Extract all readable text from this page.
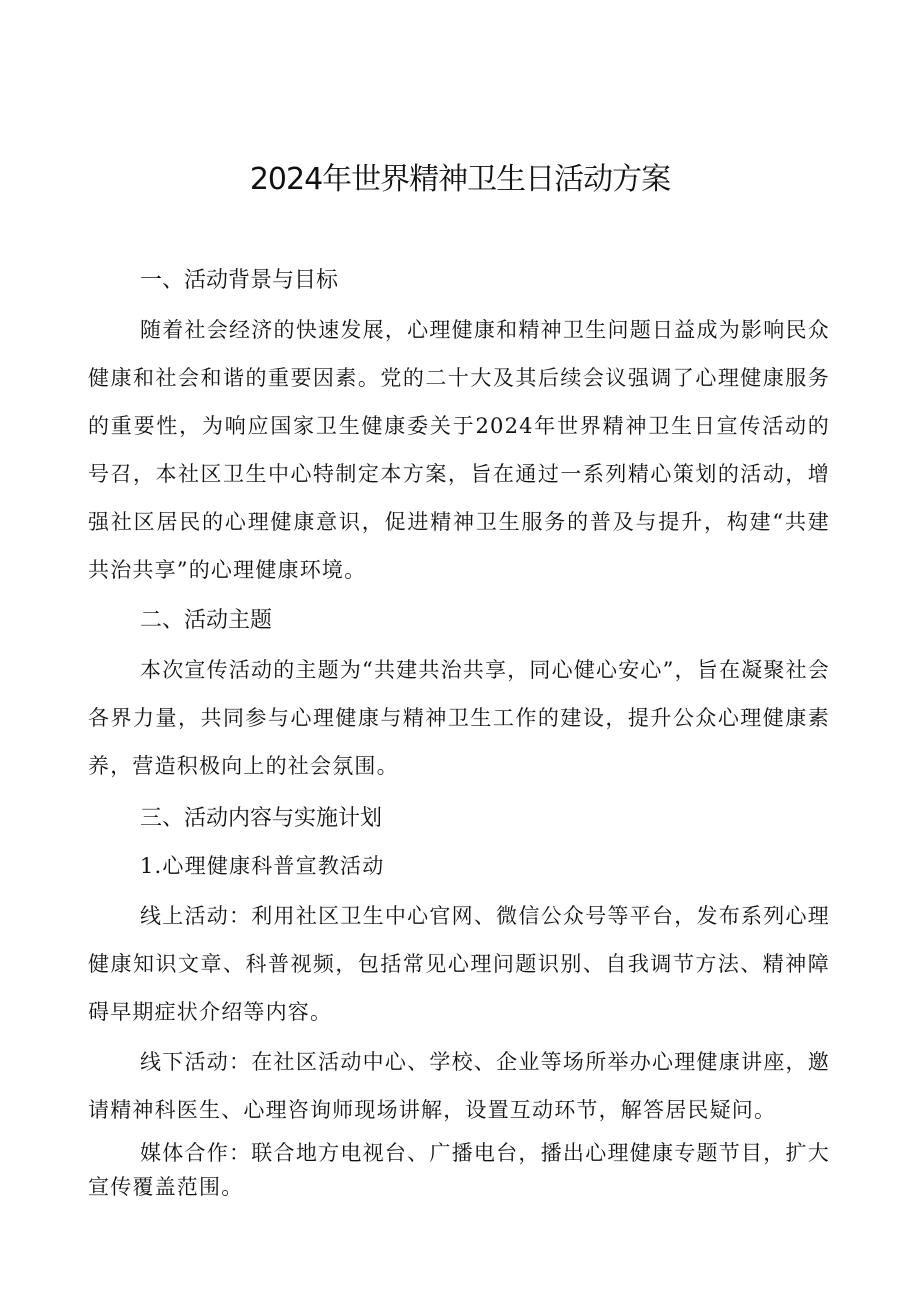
2024年世界精神卫生日活动方案
一、活动背景与目标

随着社会经济的快速发展，心理健康和精神卫生问题日益成为影响民众健康和社会和谐的重要因素。党的二十大及其后续会议强调了心理健康服务的重要性，为响应国家卫生健康委关于2024年世界精神卫生日宣传活动的号召，本社区卫生中心特制定本方案，旨在通过一系列精心策划的活动，增强社区居民的心理健康意识，促进精神卫生服务的普及与提升，构建“共建共治共享”的心理健康环境。

二、活动主题

本次宣传活动的主题为“共建共治共享，同心健心安心”，旨在凝聚社会各界力量，共同参与心理健康与精神卫生工作的建设，提升公众心理健康素养，营造积极向上的社会氛围。

三、活动内容与实施计划

1.心理健康科普宣教活动

线上活动：利用社区卫生中心官网、微信公众号等平台，发布系列心理健康知识文章、科普视频，包括常见心理问题识别、自我调节方法、精神障碍早期症状介绍等内容。

线下活动：在社区活动中心、学校、企业等场所举办心理健康讲座，邀请精神科医生、心理咨询师现场讲解，设置互动环节，解答居民疑问。

媒体合作：联合地方电视台、广播电台，播出心理健康专题节目，扩大宣传覆盖范围。
